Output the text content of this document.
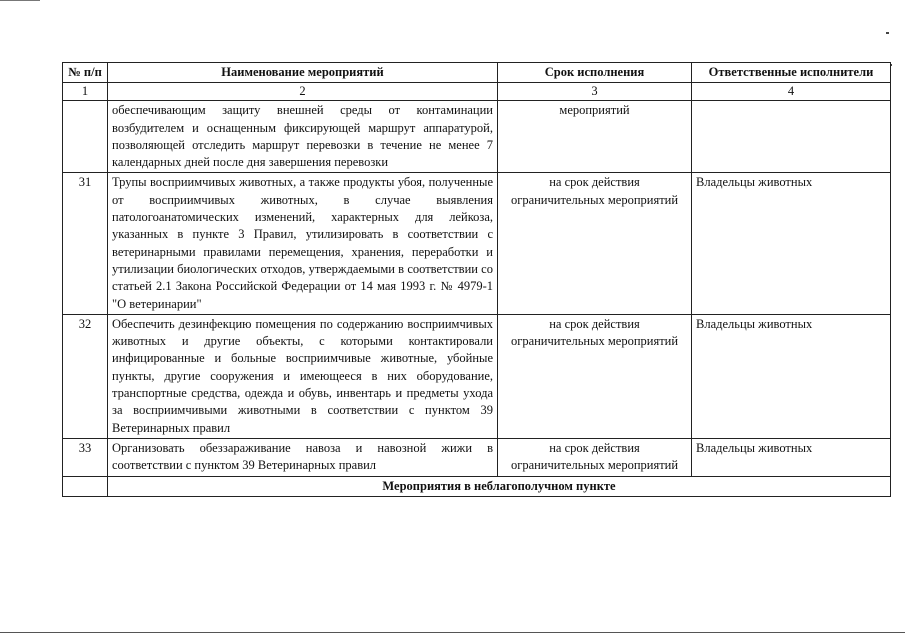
№ п/п	Наименование мероприятий	Срок исполнения	Ответственные исполнители
1	2	3	4
	обеспечивающим защиту внешней среды от контаминации возбудителем и оснащенным фиксирующей маршрут аппаратурой, позволяющей отследить маршрут перевозки в течение не менее 7 календарных дней после дня завершения перевозки	мероприятий	
31	Трупы восприимчивых животных, а также продукты убоя, полученные от восприимчивых животных, в случае выявления патологоанатомических изменений, характерных для лейкоза, указанных в пункте 3 Правил, утилизировать в соответствии с ветеринарными правилами перемещения, хранения, переработки и утилизации биологических отходов, утверждаемыми в соответствии со статьей 2.1 Закона Российской Федерации от 14 мая 1993 г. № 4979-1 "О ветеринарии"	на срок действия ограничительных мероприятий	Владельцы животных
32	Обеспечить дезинфекцию помещения по содержанию восприимчивых животных и другие объекты, с которыми контактировали инфицированные и больные восприимчивые животные, убойные пункты, другие сооружения и имеющееся в них оборудование, транспортные средства, одежда и обувь, инвентарь и предметы ухода за восприимчивыми животными в соответствии с пунктом 39 Ветеринарных правил	на срок действия ограничительных мероприятий	Владельцы животных
33	Организовать обеззараживание навоза и навозной жижи в соответствии с пунктом 39 Ветеринарных правил	на срок действия ограничительных мероприятий	Владельцы животных
	Мероприятия в неблагополучном пункте		
